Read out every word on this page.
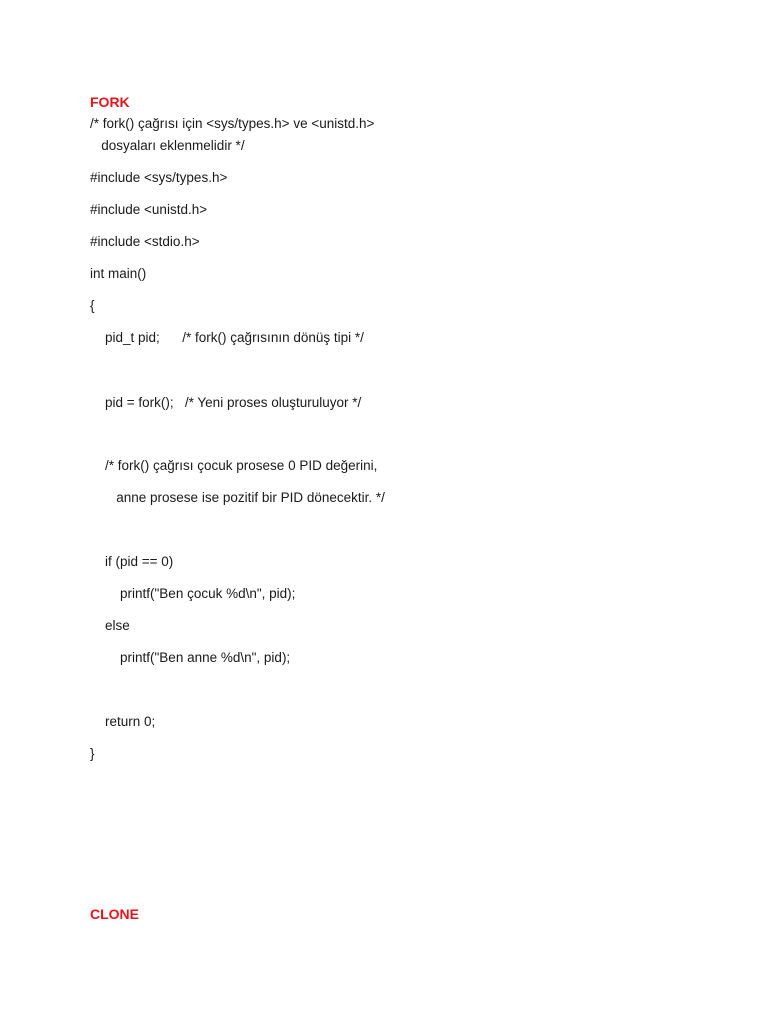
FORK
/* fork() çağrısı için <sys/types.h> ve <unistd.h>
dosyaları eklenmelidir */
#include <sys/types.h>
#include <unistd.h>
#include <stdio.h>
int main()
{
pid_t pid;      /* fork() çağrısının dönüş tipi */
pid = fork();   /* Yeni proses oluşturuluyor */
/* fork() çağrısı çocuk prosese 0 PID değerini,
anne prosese ise pozitif bir PID dönecektir. */
if (pid == 0)
printf("Ben çocuk %d\n", pid);
else
printf("Ben anne %d\n", pid);
return 0;
}
CLONE
